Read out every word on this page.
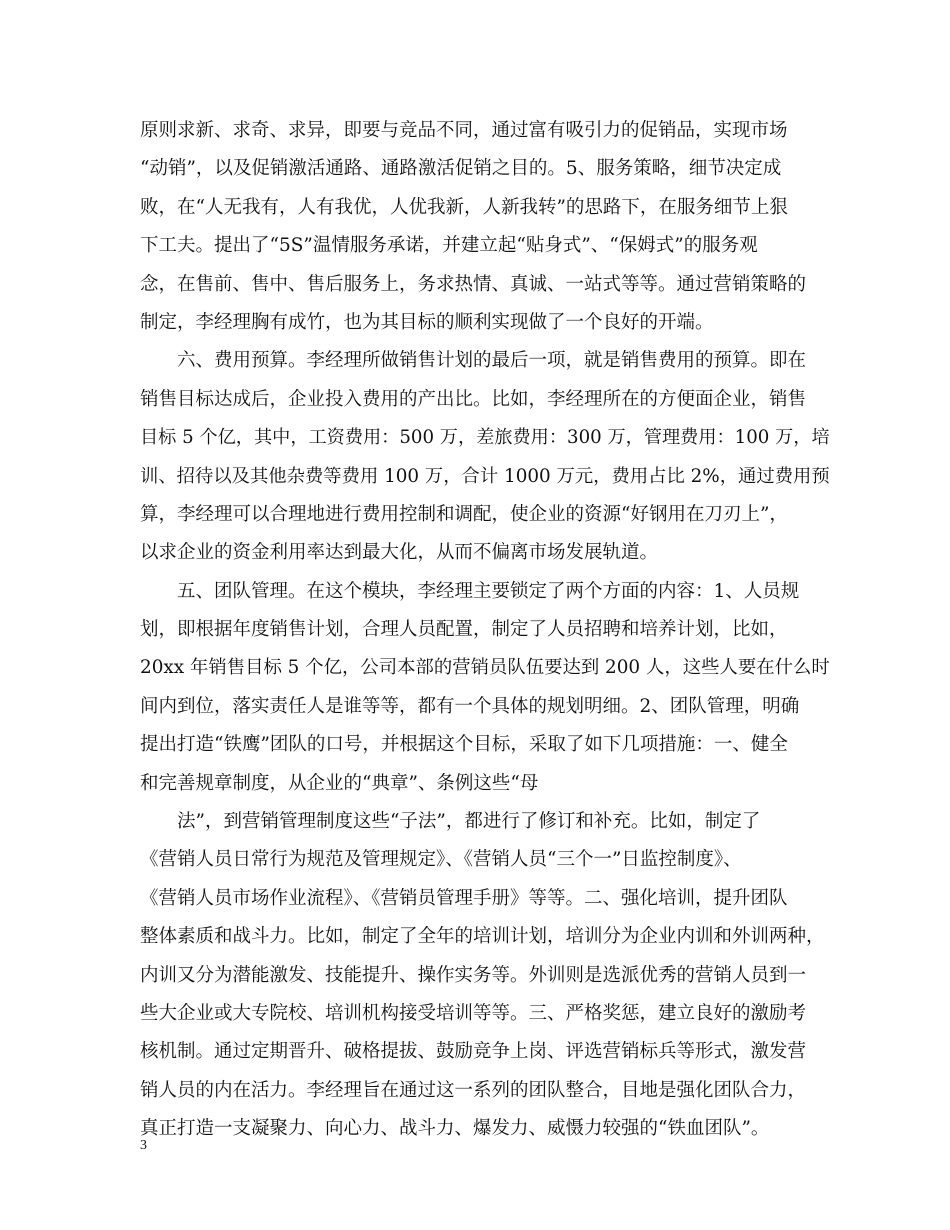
原则求新、求奇、求异，即要与竞品不同，通过富有吸引力的促销品，实现市场
“动销”，以及促销激活通路、通路激活促销之目的。5、服务策略，细节决定成
败，在“人无我有，人有我优，人优我新，人新我转”的思路下，在服务细节上狠
下工夫。提出了“5S”温情服务承诺，并建立起“贴身式”、“保姆式”的服务观
念，在售前、售中、售后服务上，务求热情、真诚、一站式等等。通过营销策略的
制定，李经理胸有成竹，也为其目标的顺利实现做了一个良好的开端。
六、费用预算。李经理所做销售计划的最后一项，就是销售费用的预算。即在
销售目标达成后，企业投入费用的产出比。比如，李经理所在的方便面企业，销售
目标 5 个亿，其中，工资费用：500 万，差旅费用：300 万，管理费用：100 万，培
训、招待以及其他杂费等费用 100 万，合计 1000 万元，费用占比 2%，通过费用预
算，李经理可以合理地进行费用控制和调配，使企业的资源“好钢用在刀刃上”，
以求企业的资金利用率达到最大化，从而不偏离市场发展轨道。
五、团队管理。在这个模块，李经理主要锁定了两个方面的内容：1、人员规
划，即根据年度销售计划，合理人员配置，制定了人员招聘和培养计划，比如，
20xx 年销售目标 5 个亿，公司本部的营销员队伍要达到 200 人，这些人要在什么时
间内到位，落实责任人是谁等等，都有一个具体的规划明细。2、团队管理，明确
提出打造“铁鹰”团队的口号，并根据这个目标，采取了如下几项措施：一、健全
和完善规章制度，从企业的“典章”、条例这些“母
法”，到营销管理制度这些“子法”，都进行了修订和补充。比如，制定了
《营销人员日常行为规范及管理规定》、《营销人员“三个一”日监控制度》、
《营销人员市场作业流程》、《营销员管理手册》等等。二、强化培训，提升团队
整体素质和战斗力。比如，制定了全年的培训计划，培训分为企业内训和外训两种，
内训又分为潜能激发、技能提升、操作实务等。外训则是选派优秀的营销人员到一
些大企业或大专院校、培训机构接受培训等等。三、严格奖惩，建立良好的激励考
核机制。通过定期晋升、破格提拔、鼓励竞争上岗、评选营销标兵等形式，激发营
销人员的内在活力。李经理旨在通过这一系列的团队整合，目地是强化团队合力，
真正打造一支凝聚力、向心力、战斗力、爆发力、威慑力较强的“铁血团队”。
3
